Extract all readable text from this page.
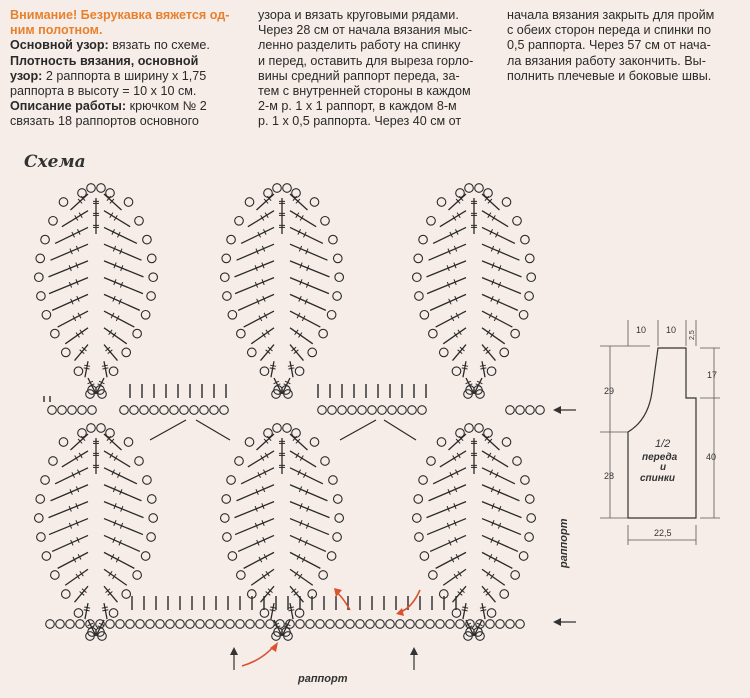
Внимание! Безрукавка вяжется од-

ним полотном.

Основной узор: вязать по схеме.

Плотность вязания, основной

узор: 2 раппорта в ширину х 1,75

раппорта в высоту = 10 х 10 см.

Описание работы: крючком № 2

связать 18 раппортов основного

узора и вязать круговыми рядами.

Через 28 см от начала вязания мыс-

ленно разделить работу на спинку

и перед, оставить для выреза горло-

вины средний раппорт переда, за-

тем с внутренней стороны в каждом

2-м р. 1 х 1 раппорт, в каждом 8-м

р. 1 х 0,5 раппорта. Через 40 см от

начала вязания закрыть для пройм

с обеих сторон переда и спинки по

0,5 раппорта. Через 57 см от нача-

ла вязания работу закончить. Вы-

полнить плечевые и боковые швы.

Схема
раппорт
раппорт
10 10
2,5
17
29
28
40
22,5
1/2
переда
и
спинки
